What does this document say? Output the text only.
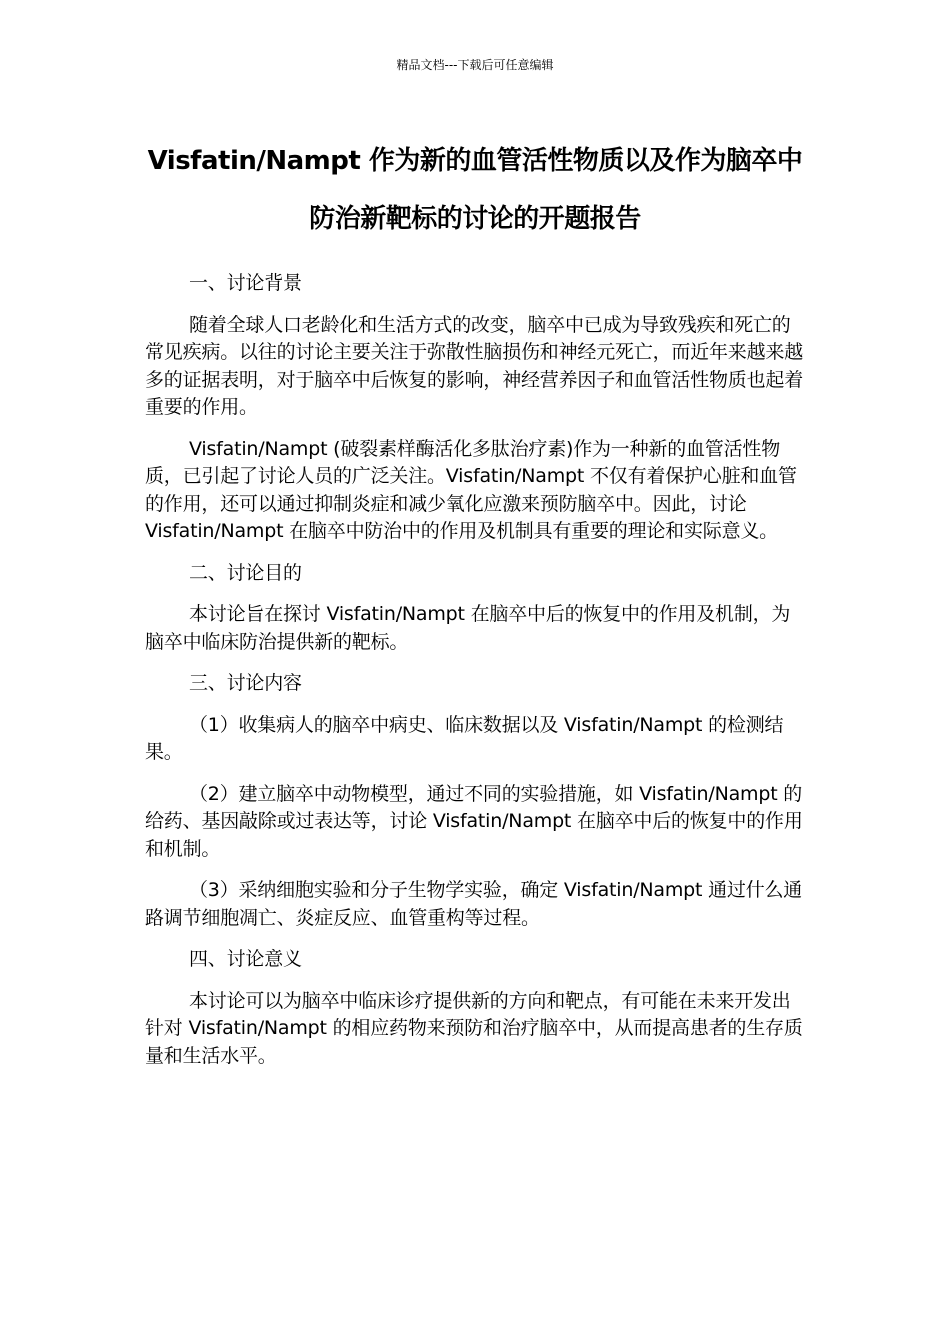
精品文档---下载后可任意编辑
Visfatin/Nampt 作为新的血管活性物质以及作为脑卒中防治新靶标的讨论的开题报告

一、讨论背景

随着全球人口老龄化和生活方式的改变，脑卒中已成为导致残疾和死亡的常见疾病。以往的讨论主要关注于弥散性脑损伤和神经元死亡，而近年来越来越多的证据表明，对于脑卒中后恢复的影响，神经营养因子和血管活性物质也起着重要的作用。

Visfatin/Nampt (破裂素样酶活化多肽治疗素)作为一种新的血管活性物质，已引起了讨论人员的广泛关注。Visfatin/Nampt 不仅有着保护心脏和血管的作用，还可以通过抑制炎症和减少氧化应激来预防脑卒中。因此，讨论 Visfatin/Nampt 在脑卒中防治中的作用及机制具有重要的理论和实际意义。

二、讨论目的

本讨论旨在探讨 Visfatin/Nampt 在脑卒中后的恢复中的作用及机制，为脑卒中临床防治提供新的靶标。

三、讨论内容

（1）收集病人的脑卒中病史、临床数据以及 Visfatin/Nampt 的检测结果。

（2）建立脑卒中动物模型，通过不同的实验措施，如 Visfatin/Nampt 的给药、基因敲除或过表达等，讨论 Visfatin/Nampt 在脑卒中后的恢复中的作用和机制。

（3）采纳细胞实验和分子生物学实验，确定 Visfatin/Nampt 通过什么通路调节细胞凋亡、炎症反应、血管重构等过程。

四、讨论意义

本讨论可以为脑卒中临床诊疗提供新的方向和靶点，有可能在未来开发出针对 Visfatin/Nampt 的相应药物来预防和治疗脑卒中，从而提高患者的生存质量和生活水平。
